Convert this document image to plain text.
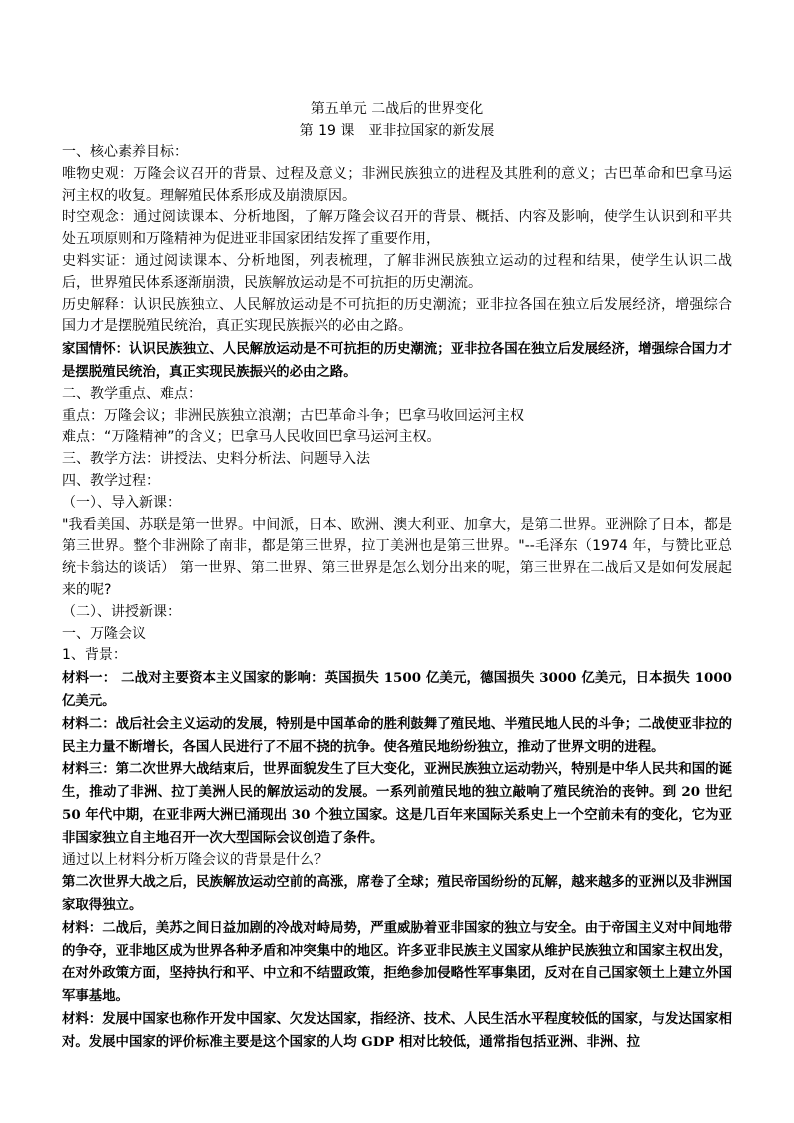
第五单元 二战后的世界变化
第 19 课　亚非拉国家的新发展

一、核心素养目标：

唯物史观：万隆会议召开的背景、过程及意义；非洲民族独立的进程及其胜利的意义；古巴革命和巴拿马运河主权的收复。理解殖民体系形成及崩溃原因。

时空观念：通过阅读课本、分析地图，了解万隆会议召开的背景、概括、内容及影响，使学生认识到和平共处五项原则和万隆精神为促进亚非国家团结发挥了重要作用，

史料实证：通过阅读课本、分析地图，列表梳理，了解非洲民族独立运动的过程和结果，使学生认识二战后，世界殖民体系逐渐崩溃，民族解放运动是不可抗拒的历史潮流。

历史解释：认识民族独立、人民解放运动是不可抗拒的历史潮流；亚非拉各国在独立后发展经济，增强综合国力才是摆脱殖民统治，真正实现民族振兴的必由之路。

家国情怀：认识民族独立、人民解放运动是不可抗拒的历史潮流；亚非拉各国在独立后发展经济，增强综合国力才是摆脱殖民统治，真正实现民族振兴的必由之路。

二、教学重点、难点：

重点：万隆会议；非洲民族独立浪潮；古巴革命斗争；巴拿马收回运河主权

难点：“万隆精神”的含义；巴拿马人民收回巴拿马运河主权。

三、教学方法：讲授法、史料分析法、问题导入法

四、教学过程：

（一）、导入新课：

"我看美国、苏联是第一世界。中间派，日本、欧洲、澳大利亚、加拿大，是第二世界。亚洲除了日本，都是第三世界。整个非洲除了南非，都是第三世界，拉丁美洲也是第三世界。"--毛泽东（1974 年，与赞比亚总统卡翁达的谈话） 第一世界、第二世界、第三世界是怎么划分出来的呢，第三世界在二战后又是如何发展起来的呢?

（二）、讲授新课：

一、万隆会议

1、背景：

材料一： 二战对主要资本主义国家的影响：英国损失 1500 亿美元，德国损失 3000 亿美元，日本损失 1000 亿美元。

材料二：战后社会主义运动的发展，特别是中国革命的胜利鼓舞了殖民地、半殖民地人民的斗争；二战使亚非拉的民主力量不断增长，各国人民进行了不屈不挠的抗争。使各殖民地纷纷独立，推动了世界文明的进程。

材料三：第二次世界大战结束后，世界面貌发生了巨大变化，亚洲民族独立运动勃兴，特别是中华人民共和国的诞生，推动了非洲、拉丁美洲人民的解放运动的发展。一系列前殖民地的独立敲响了殖民统治的丧钟。到 20 世纪 50 年代中期，在亚非两大洲已涌现出 30 个独立国家。这是几百年来国际关系史上一个空前未有的变化，它为亚非国家独立自主地召开一次大型国际会议创造了条件。

通过以上材料分析万隆会议的背景是什么？

第二次世界大战之后，民族解放运动空前的高涨，席卷了全球；殖民帝国纷纷的瓦解，越来越多的亚洲以及非洲国家取得独立。

材料：二战后，美苏之间日益加剧的冷战对峙局势，严重威胁着亚非国家的独立与安全。由于帝国主义对中间地带的争夺，亚非地区成为世界各种矛盾和冲突集中的地区。许多亚非民族主义国家从维护民族独立和国家主权出发，在对外政策方面，坚持执行和平、中立和不结盟政策，拒绝参加侵略性军事集团，反对在自己国家领土上建立外国军事基地。

材料：发展中国家也称作开发中国家、欠发达国家，指经济、技术、人民生活水平程度较低的国家，与发达国家相对。发展中国家的评价标准主要是这个国家的人均 GDP 相对比较低，通常指包括亚洲、非洲、拉
